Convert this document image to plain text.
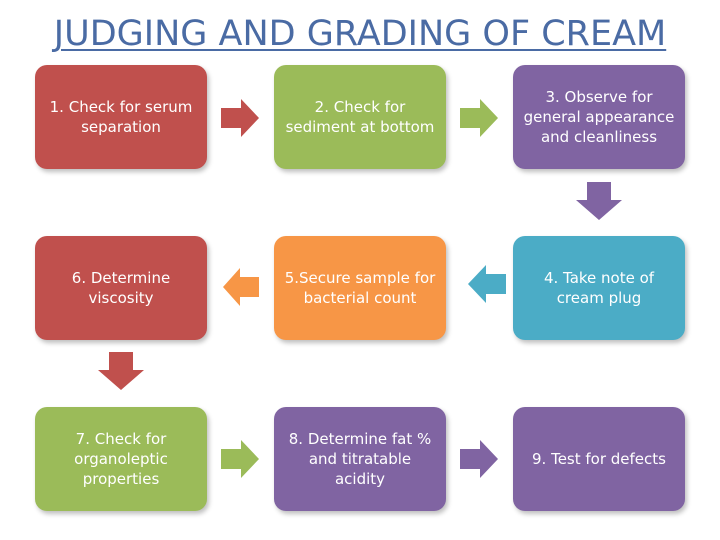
JUDGING AND GRADING OF CREAM
1. Check for serum
separation
2. Check for
sediment at bottom
3. Observe for
general appearance
and cleanliness
4. Take note of
cream plug
5.Secure sample for
bacterial count
6. Determine
viscosity
7. Check for
organoleptic
properties
8. Determine fat %
and titratable
acidity
9. Test for defects
